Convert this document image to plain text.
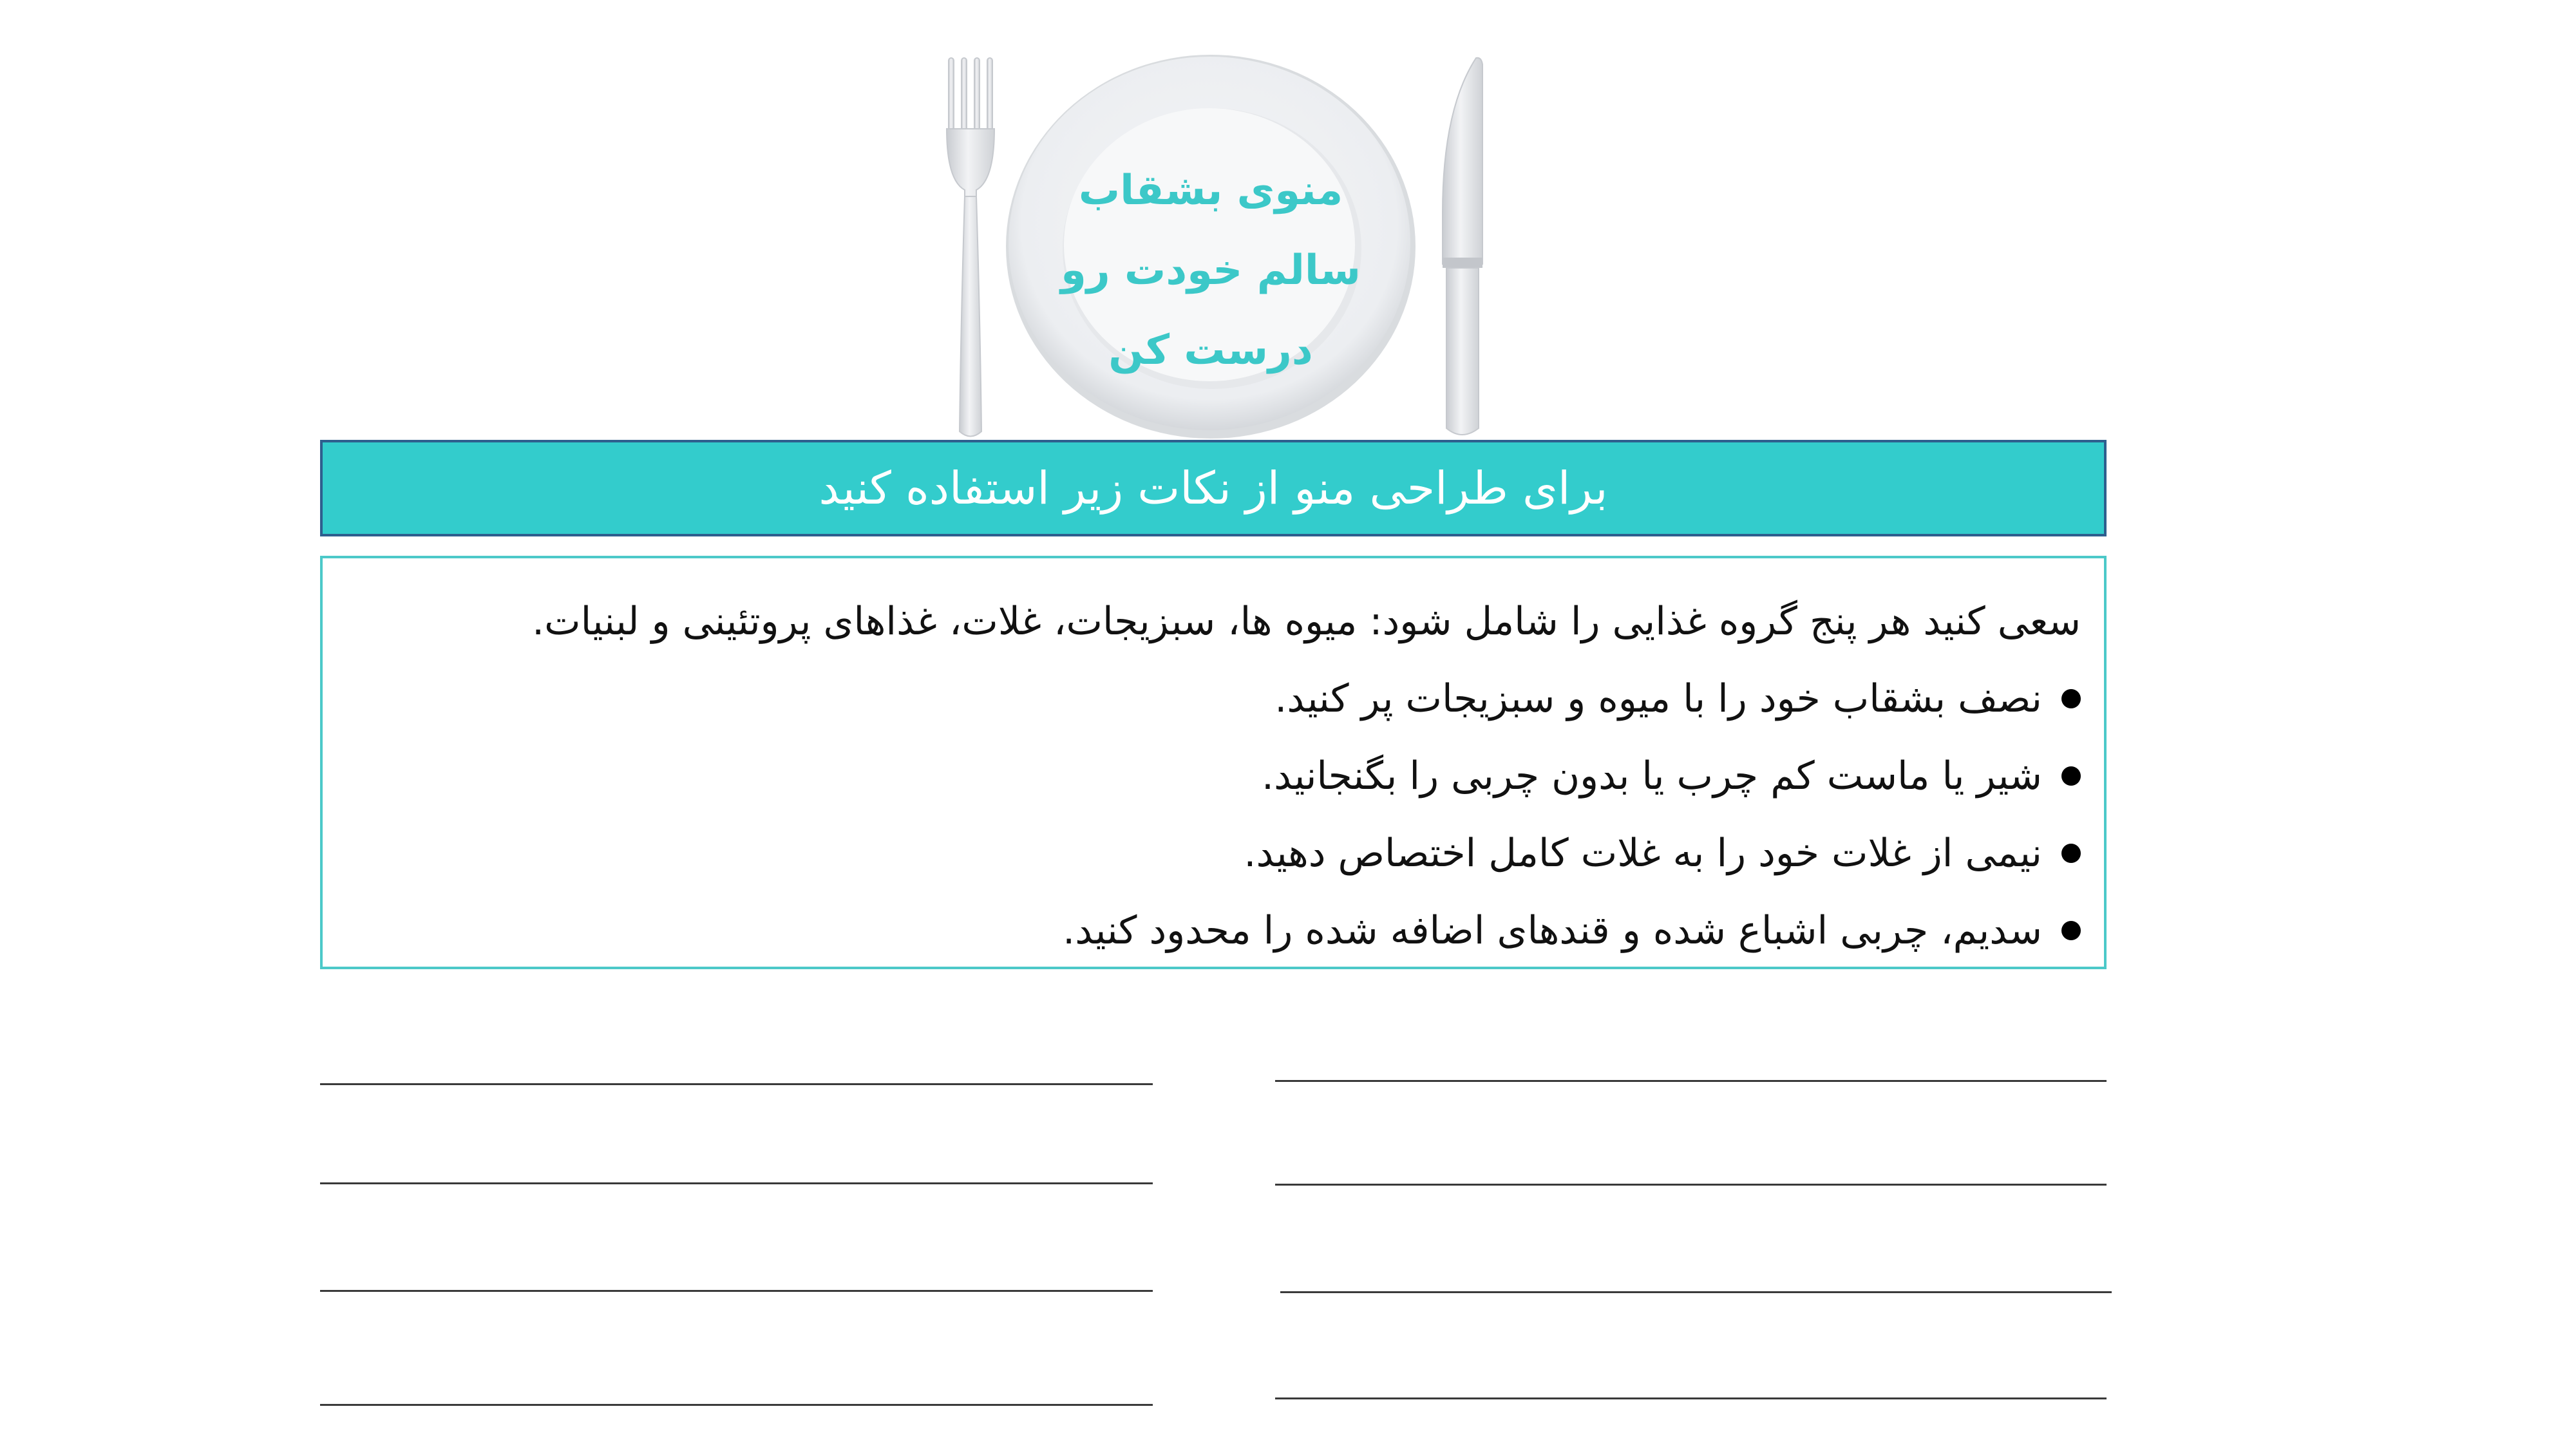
منوی بشقاب
سالم خودت رو
درست کن
برای طراحی منو از نکات زیر استفاده کنید
سعی کنید هر پنج گروه غذایی را شامل شود: میوه ها، سبزیجات، غلات، غذاهای پروتئینی و لبنیات.
نصف بشقاب خود را با میوه و سبزیجات پر کنید.
شیر یا ماست کم چرب یا بدون چربی را بگنجانید.
نیمی از غلات خود را به غلات کامل اختصاص دهید.
سدیم، چربی اشباع شده و قندهای اضافه شده را محدود کنید.
